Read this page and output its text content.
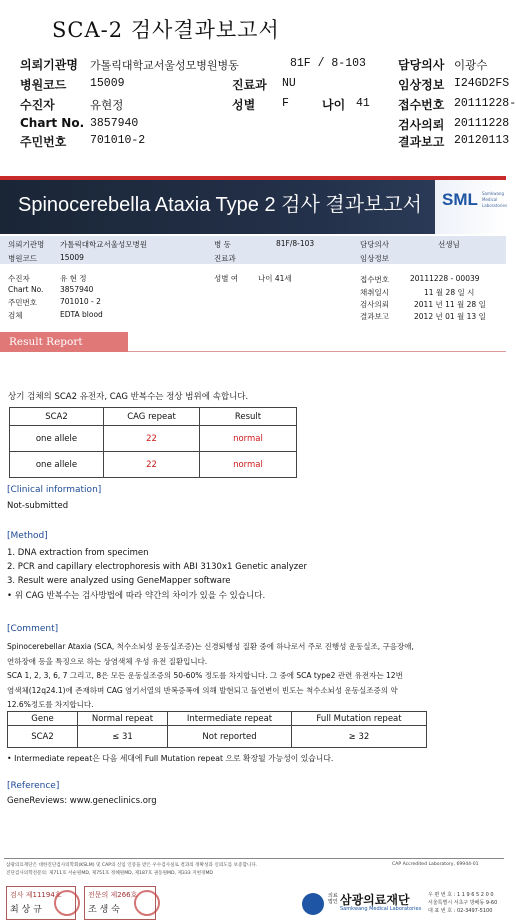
SCA-2 검사결과보고서
의뢰기관명 가톨릭대학교서울성모병원병동	81F / 8-103	담당의사 이광수
병원코드 15009	진료과 NU	임상정보 I24GD2FS
수진자	유현정	성별 F	나이 41 접수번호 20111228-
Chart No. 3857940	검사의뢰 20111228
주민번호 701010-2	결과보고 20120113
Spinocerebella Ataxia Type 2 검사 결과보고서 SML Samkwang Medical Laboratories
의뢰기관명 가톨릭대학교서울성모병원	병 동	81F/8-103	담당의사	선생님
병원코드	15009	진료과	임상정보
수진자	유 현 정	성별 여	나이 41세	접수번호	20111228 - 00039
Chart No. 3857940	채취일시	11 월 28 일 시
주민번호	701010 - 2	검사의뢰	2011 년 11 월 28 일
검체	EDTA blood	결과보고	2012 년 01 월 13 일
Result Report
상기 검체의 SCA2 유전자, CAG 반복수는 정상 범위에 속합니다.
SCA2	CAG repeat	Result
one allele	22	normal
one allele	22	normal
[Clinical information]
Not-submitted
[Method]
1. DNA extraction from specimen
2. PCR and capillary electrophoresis with ABI 3130x1 Genetic analyzer
3. Result were analyzed using GeneMapper software
• 위 CAG 반복수는 검사방법에 따라 약간의 차이가 있을 수 있습니다.
[Comment]
Spinocerebellar Ataxia (SCA, 척수소뇌성 운동실조증)는 신경퇴행성 질환 중에 하나로서 주로 진행성 운동실조, 구음장애,
연하장애 등을 특징으로 하는 상염색체 우성 유전 질환입니다.
SCA 1, 2, 3, 6, 7 그리고, 8은 모든 운동실조증의 50-60% 정도를 차지합니다. 그 중에 SCA type2 관련 유전자는 12번
염색체(12q24.1)에 존재하며 CAG 염기서열의 반복증폭에 의해 발현되고 돌연변이 빈도는 척수소뇌성 운동실조증의 약
12.6%정도를 차지합니다.
Gene	Normal repeat	Intermediate repeat	Full Mutation repeat
SCA2	≤ 31	Not reported	≥ 32
• Intermediate repeat은 다음 세대에 Full Mutation repeat 으로 확장될 가능성이 있습니다.
[Reference]
GeneReviews: www.geneclinics.org
삼광의료재단은 대한진단검사의학회(KSLM) 및 CAP의 신임 인증을 받은 우수검사실로 결과의 정확성과 신뢰도를 보증합니다.
진단검사의학전문의: 제711호 서순원MD, 제751호 정혜원MD, 제187호 권동원MD, 제333 지현경MD
CAP Accredited Laboratory, 69944-01
검사 제11194호
최 상 규
전문의 제266호
조 생 숙
의료법인 삼광의료재단
Samkwang Medical Laboratories
우 편 번 호 : 1 1 9 6 5 2 0 0
서울특별시 서초구 방배동 9-60
대 표 번 호 : 02-3497-5100
